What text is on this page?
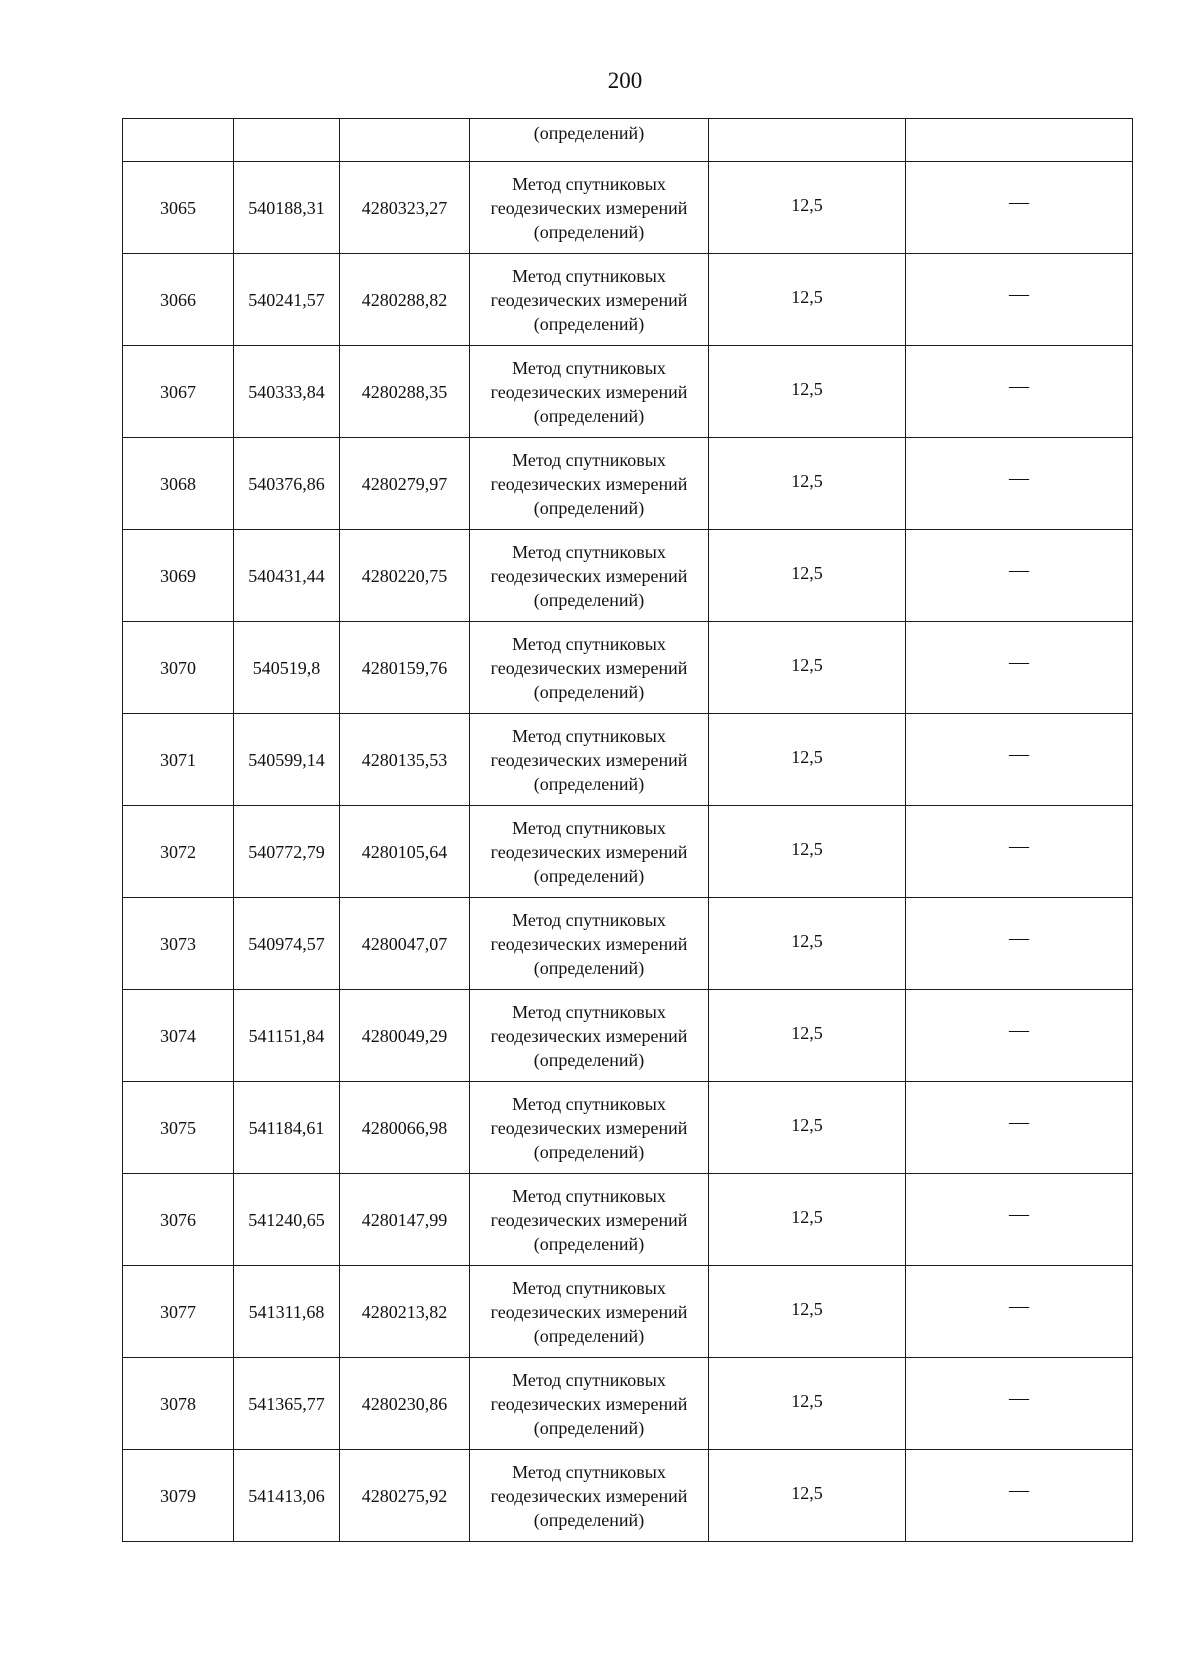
200
			(определений)		
3065	540188,31	4280323,27	Метод спутниковых
геодезических измерений
(определений)	12,5	—
3066	540241,57	4280288,82	Метод спутниковых
геодезических измерений
(определений)	12,5	—
3067	540333,84	4280288,35	Метод спутниковых
геодезических измерений
(определений)	12,5	—
3068	540376,86	4280279,97	Метод спутниковых
геодезических измерений
(определений)	12,5	—
3069	540431,44	4280220,75	Метод спутниковых
геодезических измерений
(определений)	12,5	—
3070	540519,8	4280159,76	Метод спутниковых
геодезических измерений
(определений)	12,5	—
3071	540599,14	4280135,53	Метод спутниковых
геодезических измерений
(определений)	12,5	—
3072	540772,79	4280105,64	Метод спутниковых
геодезических измерений
(определений)	12,5	—
3073	540974,57	4280047,07	Метод спутниковых
геодезических измерений
(определений)	12,5	—
3074	541151,84	4280049,29	Метод спутниковых
геодезических измерений
(определений)	12,5	—
3075	541184,61	4280066,98	Метод спутниковых
геодезических измерений
(определений)	12,5	—
3076	541240,65	4280147,99	Метод спутниковых
геодезических измерений
(определений)	12,5	—
3077	541311,68	4280213,82	Метод спутниковых
геодезических измерений
(определений)	12,5	—
3078	541365,77	4280230,86	Метод спутниковых
геодезических измерений
(определений)	12,5	—
3079	541413,06	4280275,92	Метод спутниковых
геодезических измерений
(определений)	12,5	—
